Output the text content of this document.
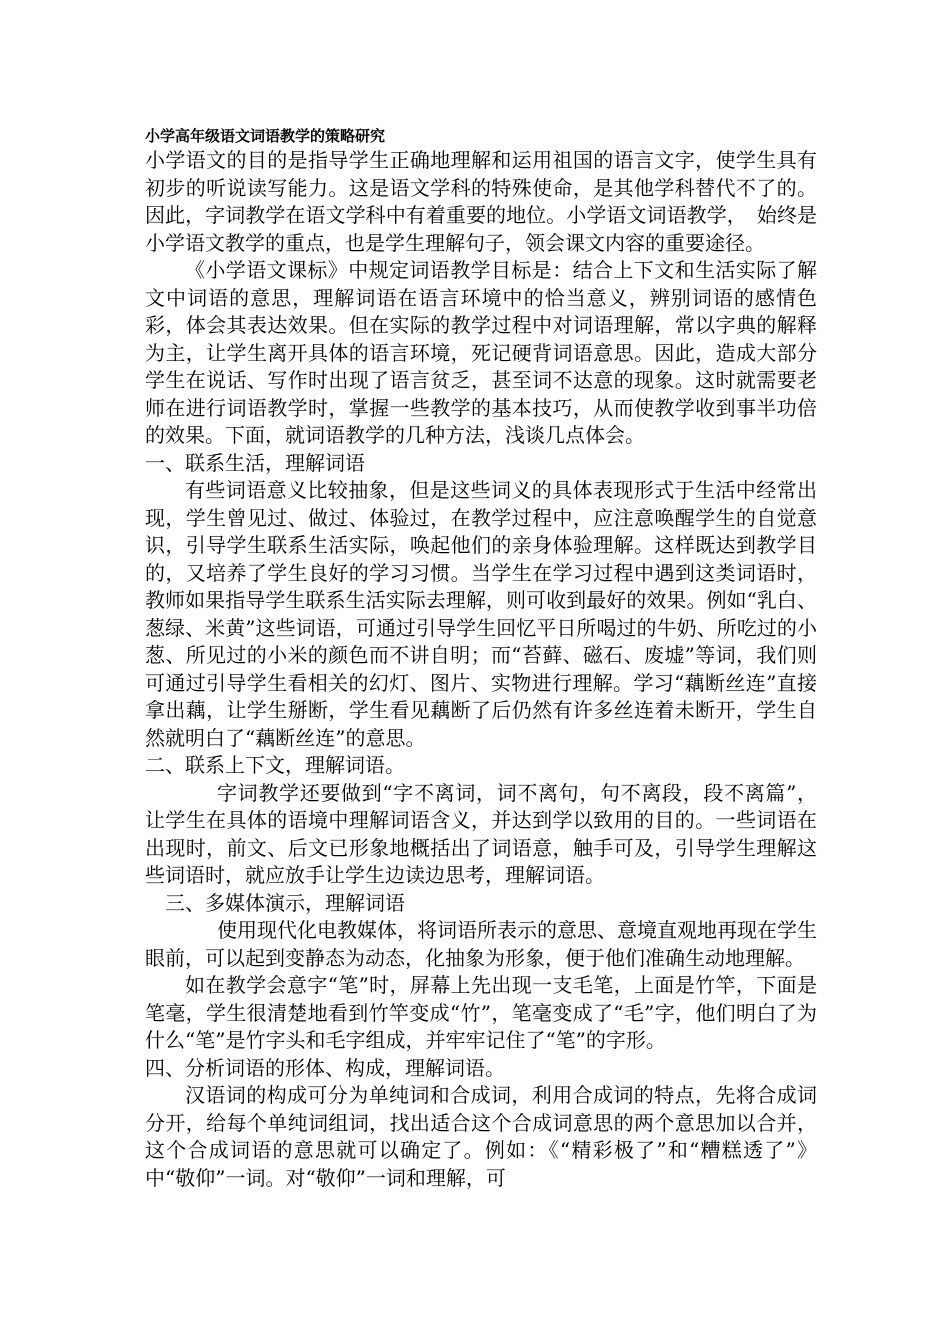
小学高年级语文词语教学的策略研究

小学语文的目的是指导学生正确地理解和运用祖国的语言文字，使学生具有初步的听说读写能力。这是语文学科的特殊使命，是其他学科替代不了的。因此，字词教学在语文学科中有着重要的地位。小学语文词语教学，　始终是小学语文教学的重点，也是学生理解句子，领会课文内容的重要途径。

《小学语文课标》中规定词语教学目标是：结合上下文和生活实际了解文中词语的意思，理解词语在语言环境中的恰当意义，辨别词语的感情色彩，体会其表达效果。但在实际的教学过程中对词语理解，常以字典的解释为主，让学生离开具体的语言环境，死记硬背词语意思。因此，造成大部分学生在说话、写作时出现了语言贫乏，甚至词不达意的现象。这时就需要老师在进行词语教学时，掌握一些教学的基本技巧，从而使教学收到事半功倍的效果。下面，就词语教学的几种方法，浅谈几点体会。

一、联系生活，理解词语

有些词语意义比较抽象，但是这些词义的具体表现形式于生活中经常出现，学生曾见过、做过、体验过，在教学过程中，应注意唤醒学生的自觉意识，引导学生联系生活实际，唤起他们的亲身体验理解。这样既达到教学目的，又培养了学生良好的学习习惯。当学生在学习过程中遇到这类词语时，教师如果指导学生联系生活实际去理解，则可收到最好的效果。例如“乳白、葱绿、米黄”这些词语，可通过引导学生回忆平日所喝过的牛奶、所吃过的小葱、所见过的小米的颜色而不讲自明；而“苔藓、磁石、废墟”等词，我们则可通过引导学生看相关的幻灯、图片、实物进行理解。学习“藕断丝连”直接拿出藕，让学生掰断，学生看见藕断了后仍然有许多丝连着未断开，学生自然就明白了“藕断丝连”的意思。

二、联系上下文，理解词语。

字词教学还要做到“字不离词，词不离句，句不离段，段不离篇”，让学生在具体的语境中理解词语含义，并达到学以致用的目的。一些词语在出现时，前文、后文已形象地概括出了词语意，触手可及，引导学生理解这些词语时，就应放手让学生边读边思考，理解词语。

三、多媒体演示，理解词语

使用现代化电教媒体，将词语所表示的意思、意境直观地再现在学生眼前，可以起到变静态为动态，化抽象为形象，便于他们准确生动地理解。

如在教学会意字“笔”时，屏幕上先出现一支毛笔，上面是竹竿，下面是笔毫，学生很清楚地看到竹竿变成“竹”，笔毫变成了“毛”字，他们明白了为什么“笔”是竹字头和毛字组成，并牢牢记住了“笔”的字形。

四、分析词语的形体、构成，理解词语。

汉语词的构成可分为单纯词和合成词，利用合成词的特点，先将合成词分开，给每个单纯词组词，找出适合这个合成词意思的两个意思加以合并，这个合成词语的意思就可以确定了。例如：《“精彩极了”和“糟糕透了”》中“敬仰”一词。对“敬仰”一词和理解，可
